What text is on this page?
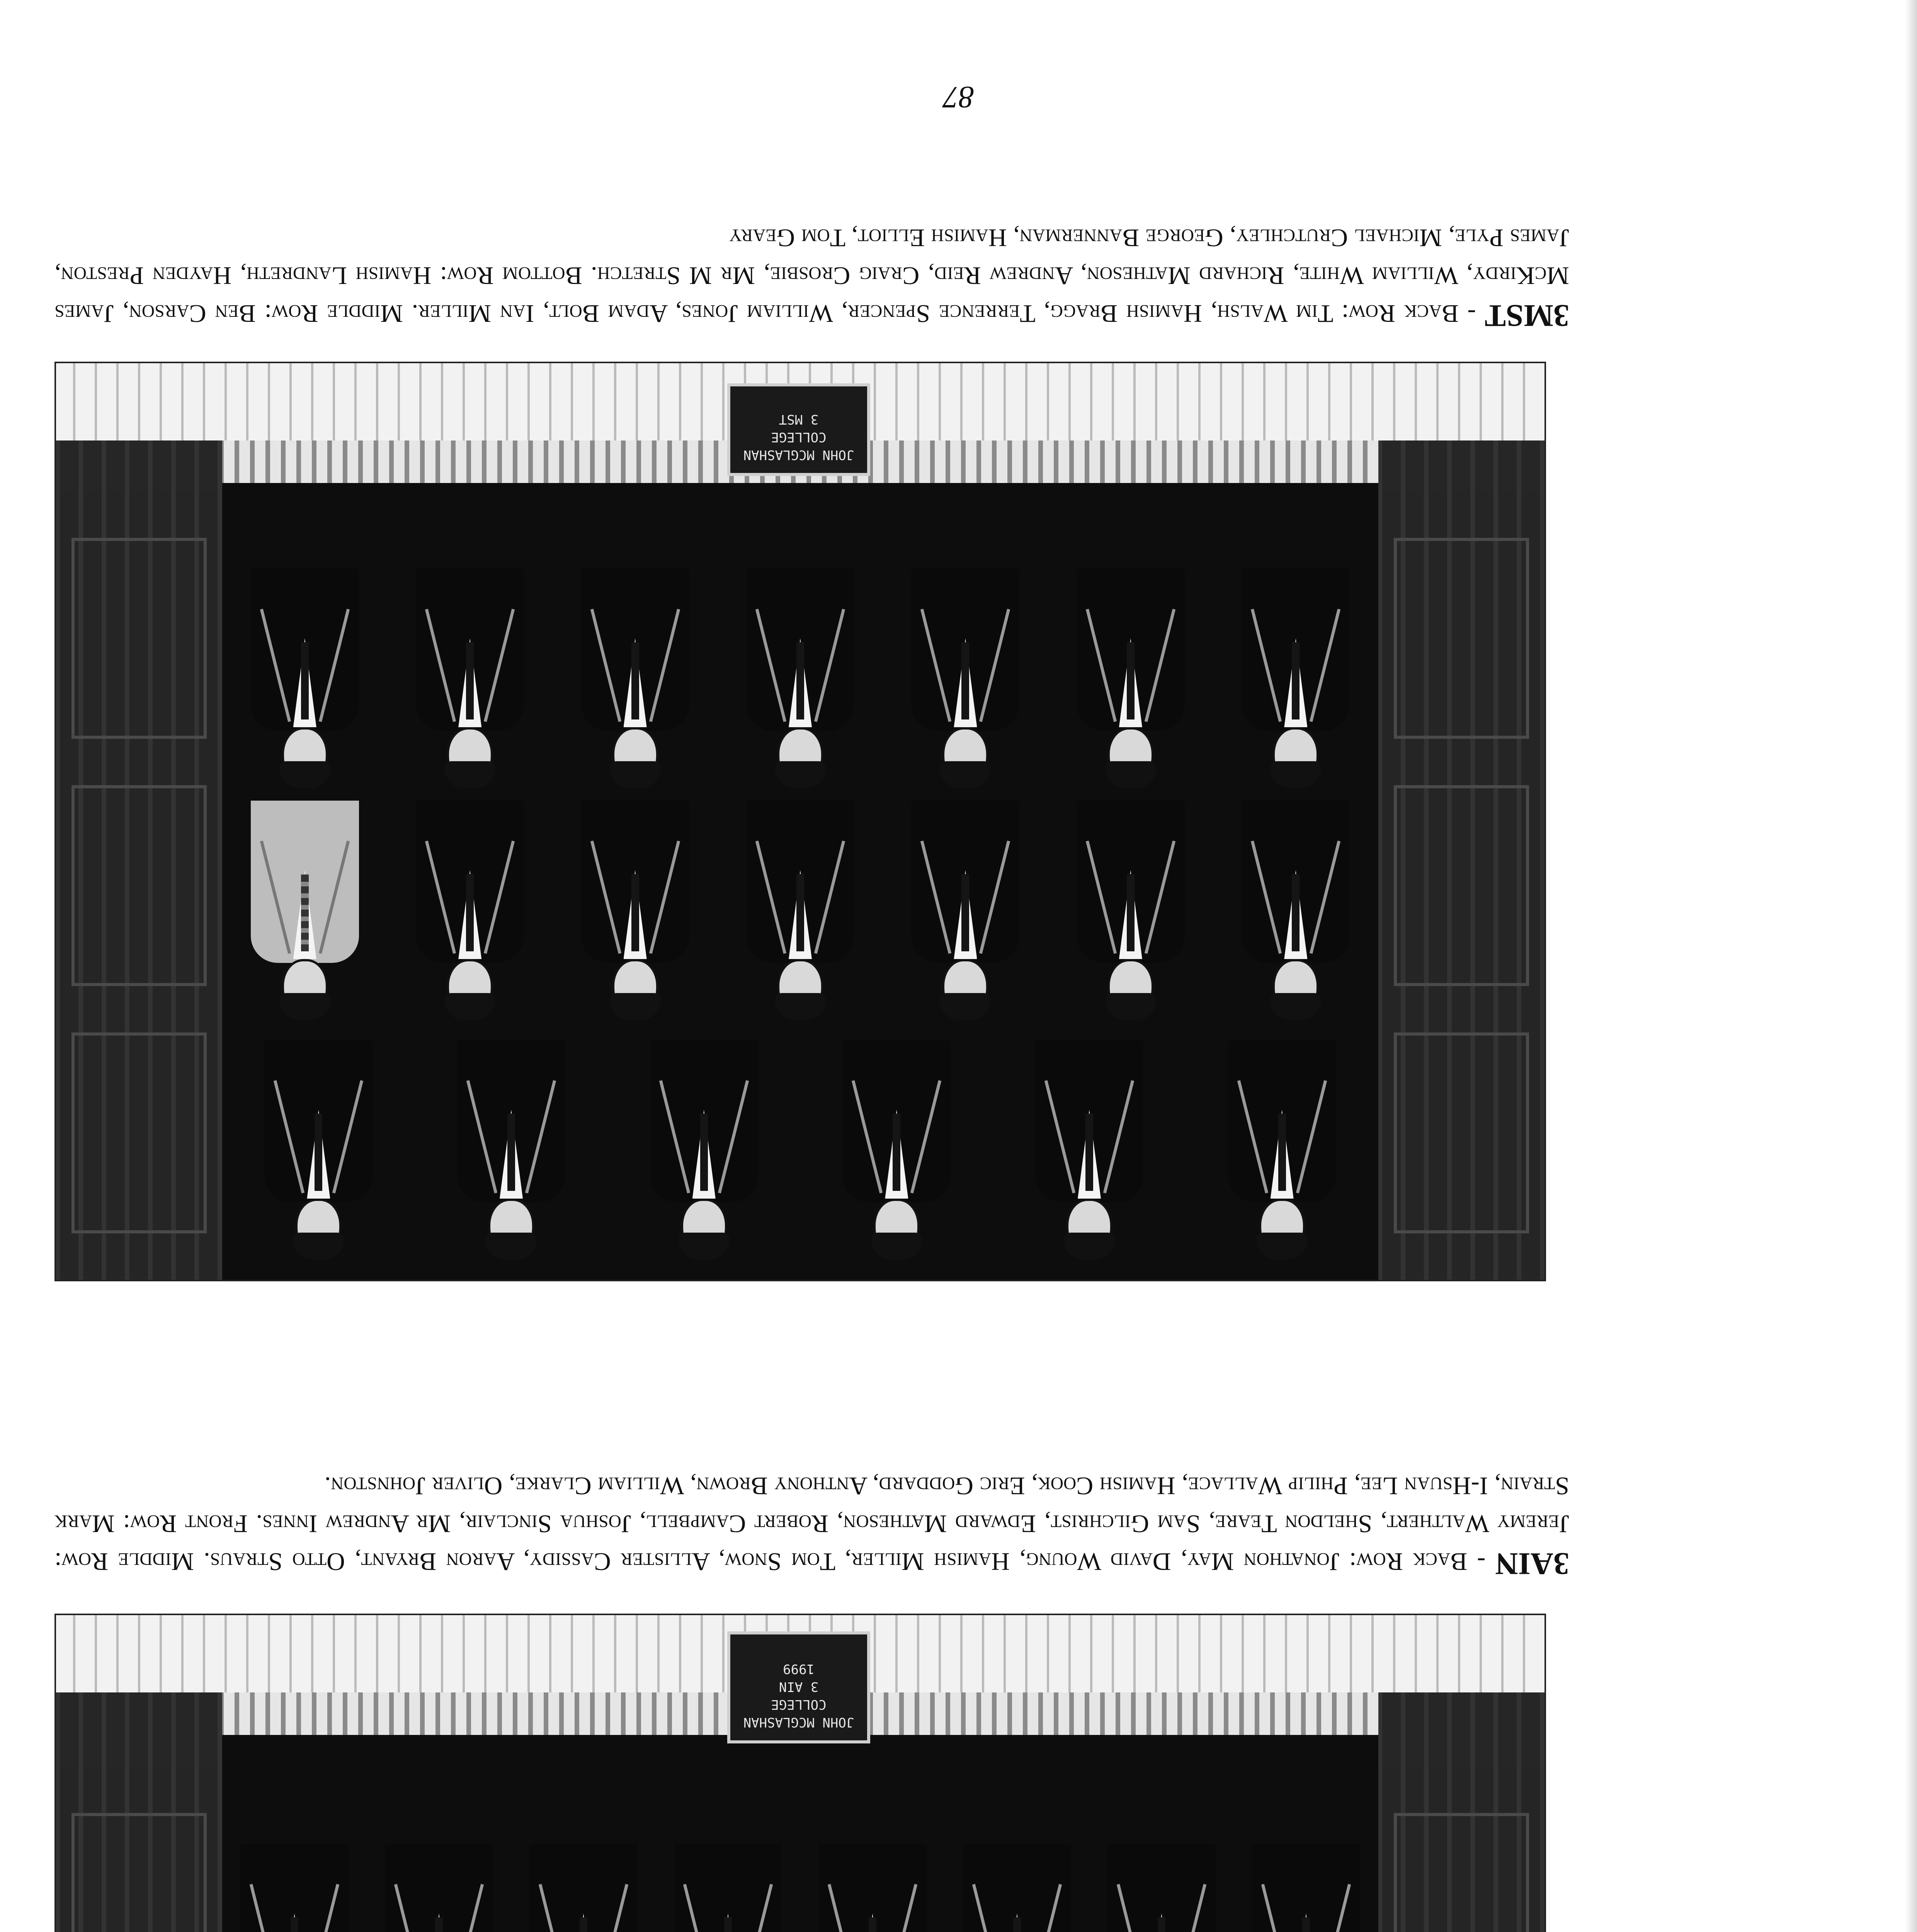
JOHN MCGLASHAN
COLLEGE
3 MST
3MST - Back Row: Tim Walsh, Hamish Bragg, Terrence Spencer, William Jones, Adam Bolt, Ian Miller. Middle Row: Ben Carson, James McKirdy, William White, Richard Matheson, Andrew Reid, Craig Crosbie, Mr M Stretch. Bottom Row: Hamish Landreth, Hayden Preston, James Pyle, Michael Crutchley, George Bannerman, Hamish Elliot, Tom Geary
JOHN MCGLASHAN
COLLEGE
3 AIN
1999
3AIN - Back Row: Jonathon May, David Woung, Hamish Miller, Tom Snow, Allister Cassidy, Aaron Bryant, Otto Straus. Middle Row: Jeremy Walthert, Sheldon Teare, Sam Gilchrist, Edward Matheson, Robert Campbell, Joshua Sinclair, Mr Andrew Innes. Front Row: Mark Strain, I-Hsuan Lee, Philip Wallace, Hamish Cook, Eric Goddard, Anthony Brown, William Clarke, Oliver Johnston.
87
